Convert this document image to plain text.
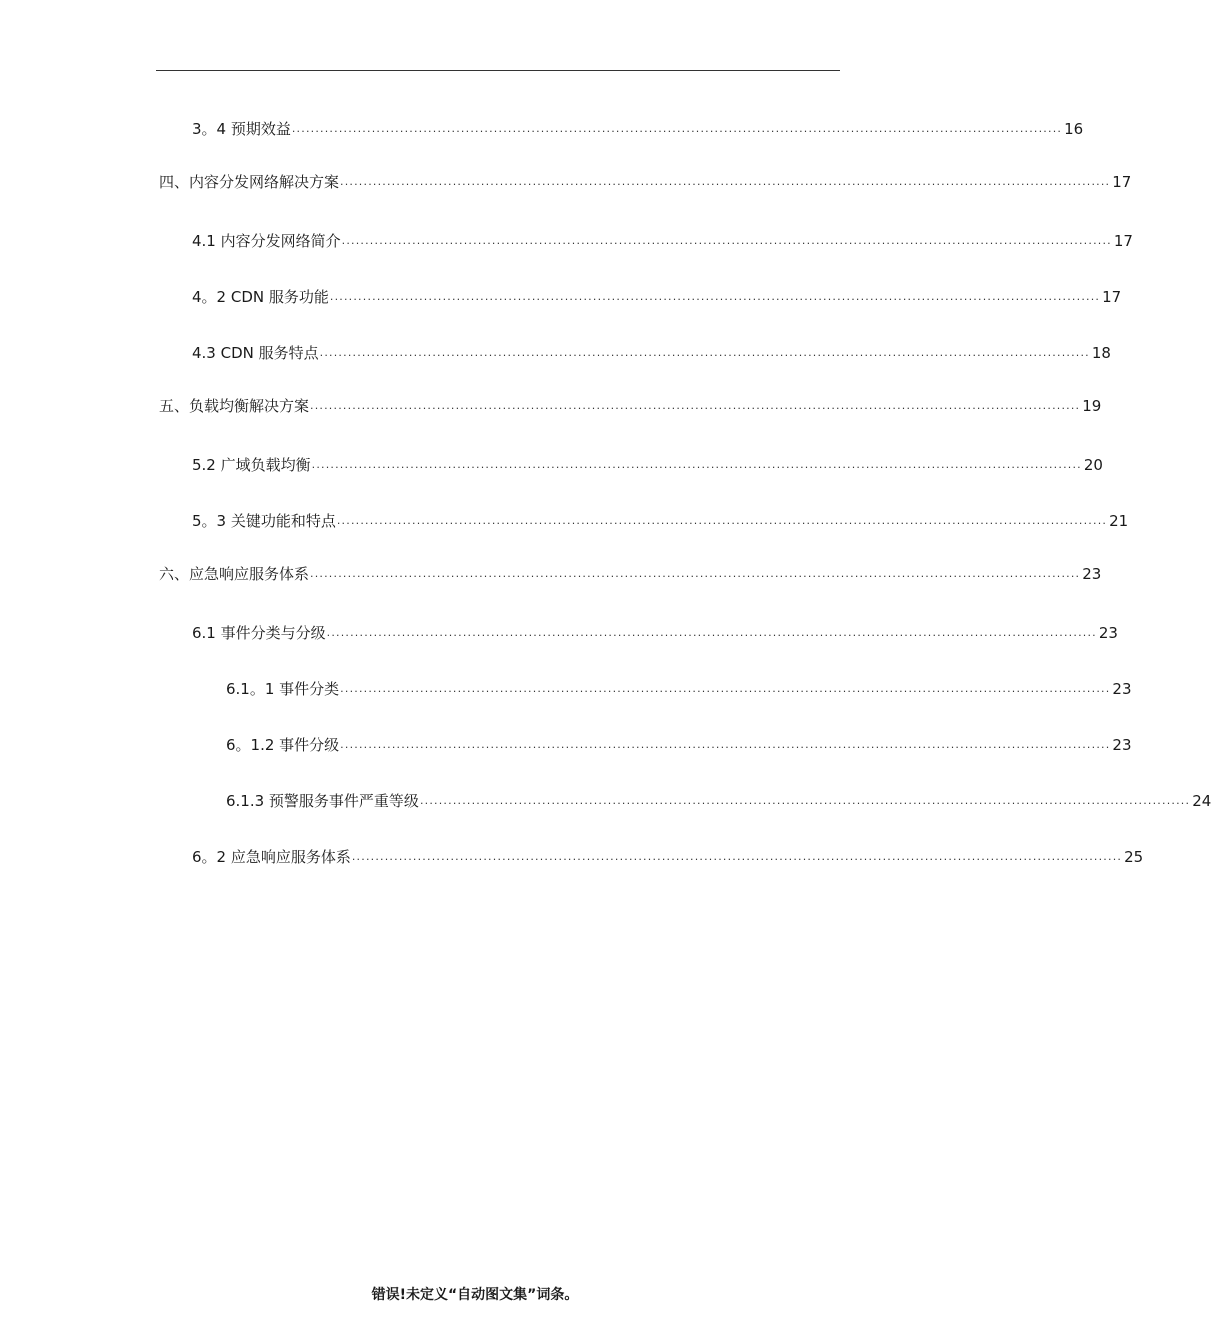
3。4 预期效益 .................................................................................................................................................................... 16
四、内容分发网络解决方案 .................................................................................................................................................................... 17
4.1 内容分发网络简介 .................................................................................................................................................................... 17
4。2 CDN 服务功能 .................................................................................................................................................................... 17
4.3 CDN 服务特点 .................................................................................................................................................................... 18
五、负载均衡解决方案 .................................................................................................................................................................... 19
5.2 广域负载均衡 .................................................................................................................................................................... 20
5。3 关键功能和特点 .................................................................................................................................................................... 21
六、应急响应服务体系 .................................................................................................................................................................... 23
6.1 事件分类与分级 .................................................................................................................................................................... 23
6.1。1 事件分类 .................................................................................................................................................................... 23
6。1.2 事件分级 .................................................................................................................................................................... 23
6.1.3 预警服务事件严重等级 .................................................................................................................................................................... 24
6。2 应急响应服务体系 .................................................................................................................................................................... 25
错误!未定义“自动图文集”词条。
